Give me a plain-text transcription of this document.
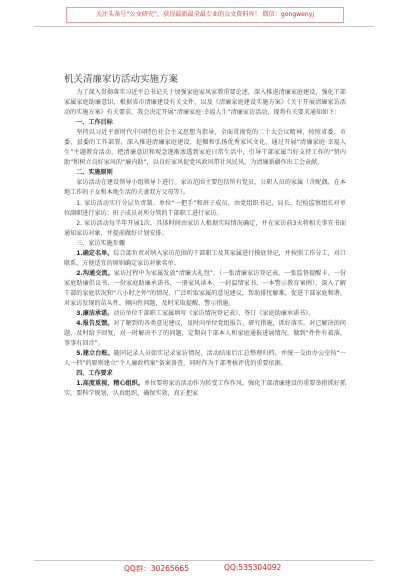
关注头条号“公文研究”，获得最新最全最专业的公文资料库！ 微信：gongwenyj
机关清廉家访活动实施方案

为了深入贯彻落实习近平总书记关于加强家庭家风家教重要论述，深入推进清廉家庭建设，强化干部家属家庭助廉意识，根据省市清廉建设有关文件，以及《清廉家庭建设实施方案》《关于开展清廉家访活动的实施方案》有关要求，我会决定开展“清廉家庭·幸福人生”清廉家访活动，现将有关要求通知如下：

一、工作目标

坚持以习近平新时代中国特色社会主义思想为指导，全面贯彻党的二十大会议精神，按照省委、市委、县委的工作部署，深入推进清廉家庭建设，挖掘和弘扬优秀家风文化。通过开展“清廉家庭·幸福人生”主题教育活动，把清廉意识和观念逐渐渗透到家庭日常生活中，引导干部家属当好支持工作的“贤内助”和树立良好家风的“廉内助”，以良好家风促党风政风带社风民风，为清廉新疆作出工会贡献。

二、实施原则

家访活动在建设领导小组领导下进行。家访范围主要包括所有党员、公职人员的家属（含配偶、在本地工作的子女和本地生活的夫妻双方父母等）。

1. 家访活动实行分层负责制。单位“一把手”和班子成员，由党组织书记、局长、纪检监察组长对单位副职进行家访；班子成员对所分管的干部职工进行家访。

2. 家访活动每半年开展1次，具体时间由家访人根据实际情况确定，并在家访前3天将相关事宜书面通知家访对象，并提前做好计划安排。

三、家访实施步骤

1.确定名单。综合部负责对纳入家访范围的干部职工及其家属进行摸底登记，并按照工作分工，对口联系，方便适宜的原则确定家访对象名单。

2.沟通交流。家访过程中为家属发放“清廉大礼包”，（一张清廉家访登记表、一张监督提醒卡、一份家庭助廉倡议书、一份家庭助廉承诺书、一册家风读本、一封温情家书、一本警示教育案例），深入了解干部的家庭状况和“八小时之外”的情况、广泛听取家属的意见建议，帮助排忧解难，促进干部家庭和谐。对家访发现的苗头性、倾向性问题，及时采取提醒、警示措施。

3.廉洁承诺。动员单位干部职工家属填写《家访情况登记表》，签订《家庭助廉承诺书》。

4.报告反馈。对了解到的各类意见建议，及时向单位党组报告，研究措施，抓好落实。对已解决的问题，及时给予回复，对一时解决不了的问题，定期向干部本人和家庭通报进展情况，做到“件件有着落，事事有回音”。

5.建立台账。随同记录人员如实记录家访情况，活动结束后汇总整理归档，并统一交由办公室按“一人一档”的原则建立“个人廉政档案”备案备查，同时作为干部考核评优的重要依据。

四、工作要求

1.高度重视，精心组织。单位要将家访活动作为转变工作作风，强化干部清廉建设的重要举措抓好抓实，要科学规划，认真组织，确保实效，真正把家

QQ群：30265665	QQ:535304092
